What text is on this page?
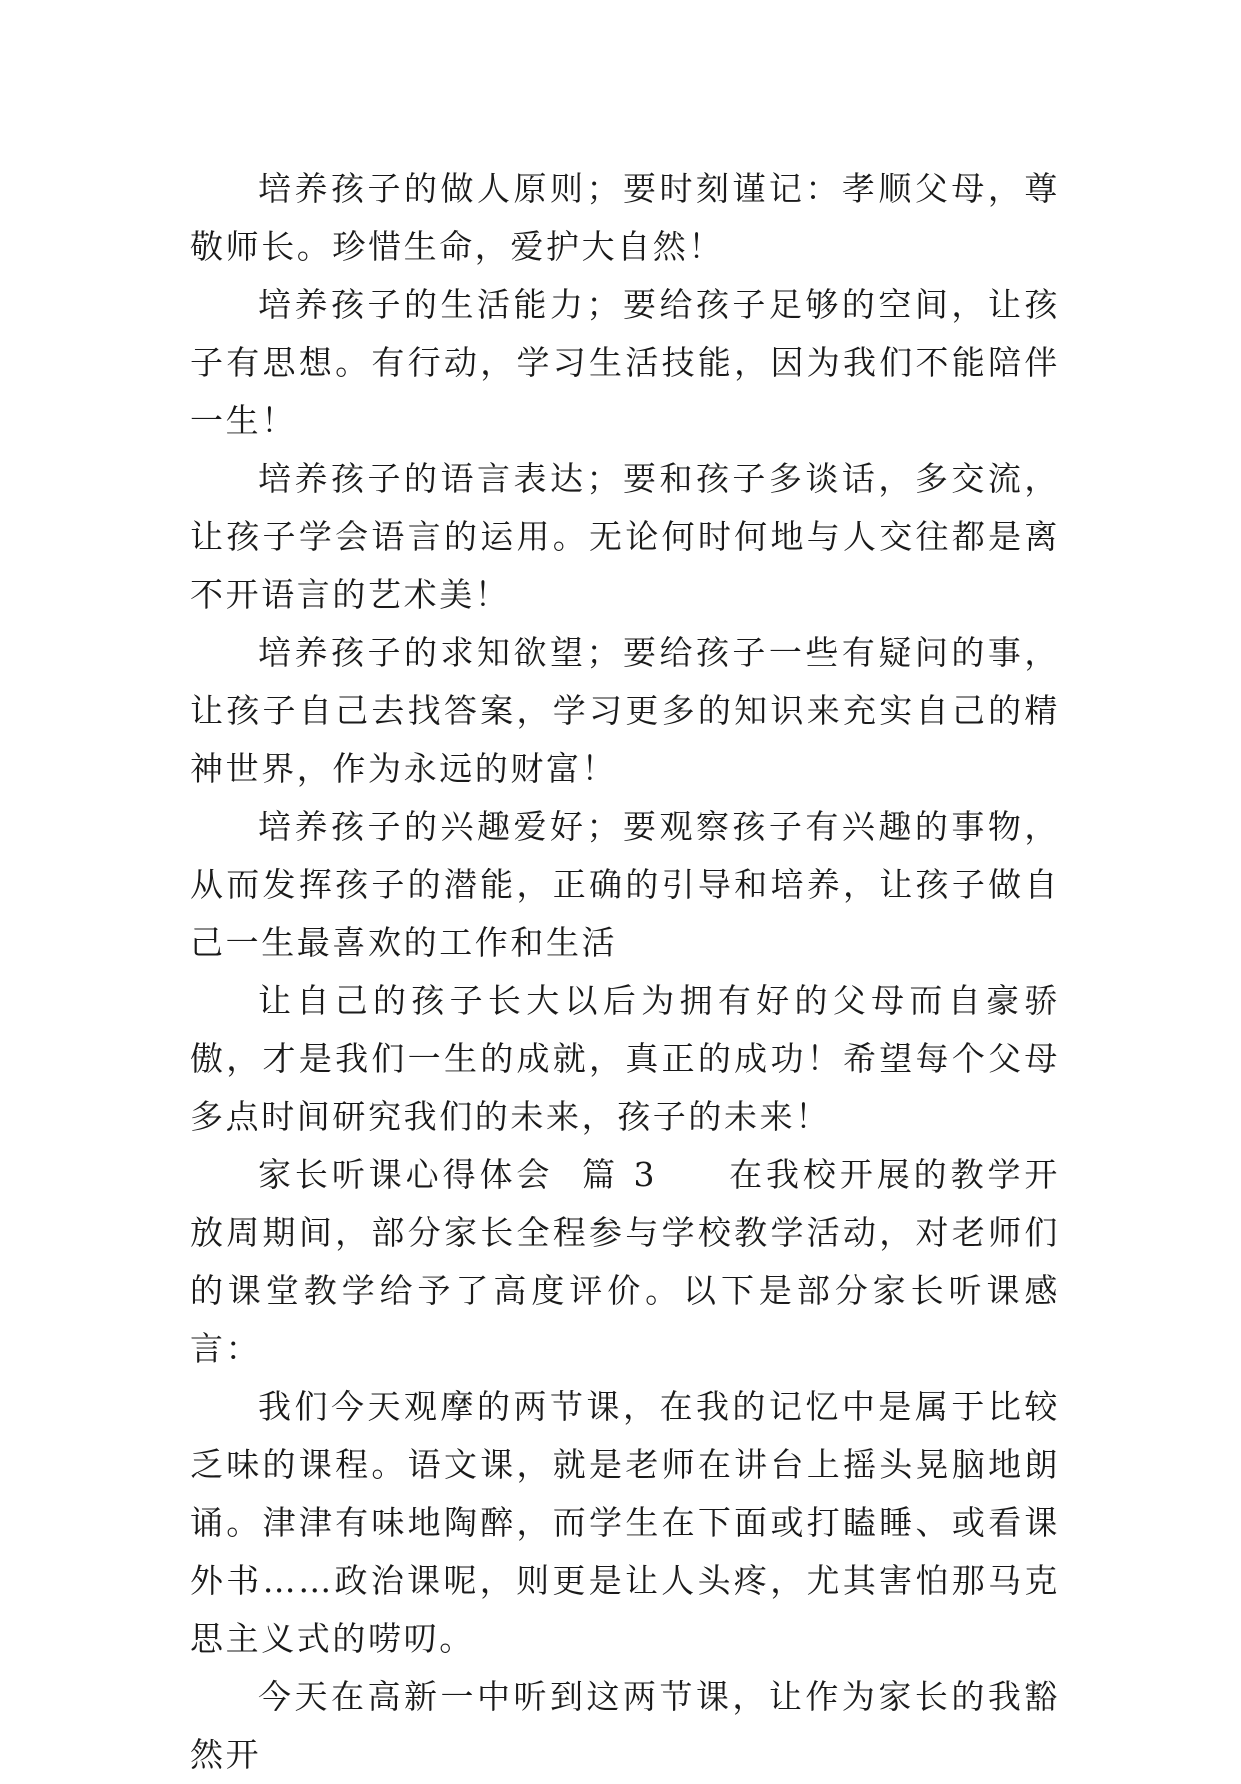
培养孩子的做人原则；要时刻谨记：孝顺父母，尊敬师长。珍惜生命，爱护大自然！

培养孩子的生活能力；要给孩子足够的空间，让孩子有思想。有行动，学习生活技能，因为我们不能陪伴一生！

培养孩子的语言表达；要和孩子多谈话，多交流，让孩子学会语言的运用。无论何时何地与人交往都是离不开语言的艺术美！

培养孩子的求知欲望；要给孩子一些有疑问的事，让孩子自己去找答案，学习更多的知识来充实自己的精神世界，作为永远的财富！

培养孩子的兴趣爱好；要观察孩子有兴趣的事物，从而发挥孩子的潜能，正确的引导和培养，让孩子做自己一生最喜欢的工作和生活

让自己的孩子长大以后为拥有好的父母而自豪骄傲，才是我们一生的成就，真正的成功！希望每个父母多点时间研究我们的未来，孩子的未来！

家长听课心得体会  篇 3 在我校开展的教学开放周期间，部分家长全程参与学校教学活动，对老师们的课堂教学给予了高度评价。以下是部分家长听课感言：

我们今天观摩的两节课，在我的记忆中是属于比较乏味的课程。语文课，就是老师在讲台上摇头晃脑地朗诵。津津有味地陶醉，而学生在下面或打瞌睡、或看课外书……政治课呢，则更是让人头疼，尤其害怕那马克思主义式的唠叨。

今天在高新一中听到这两节课，让作为家长的我豁然开
